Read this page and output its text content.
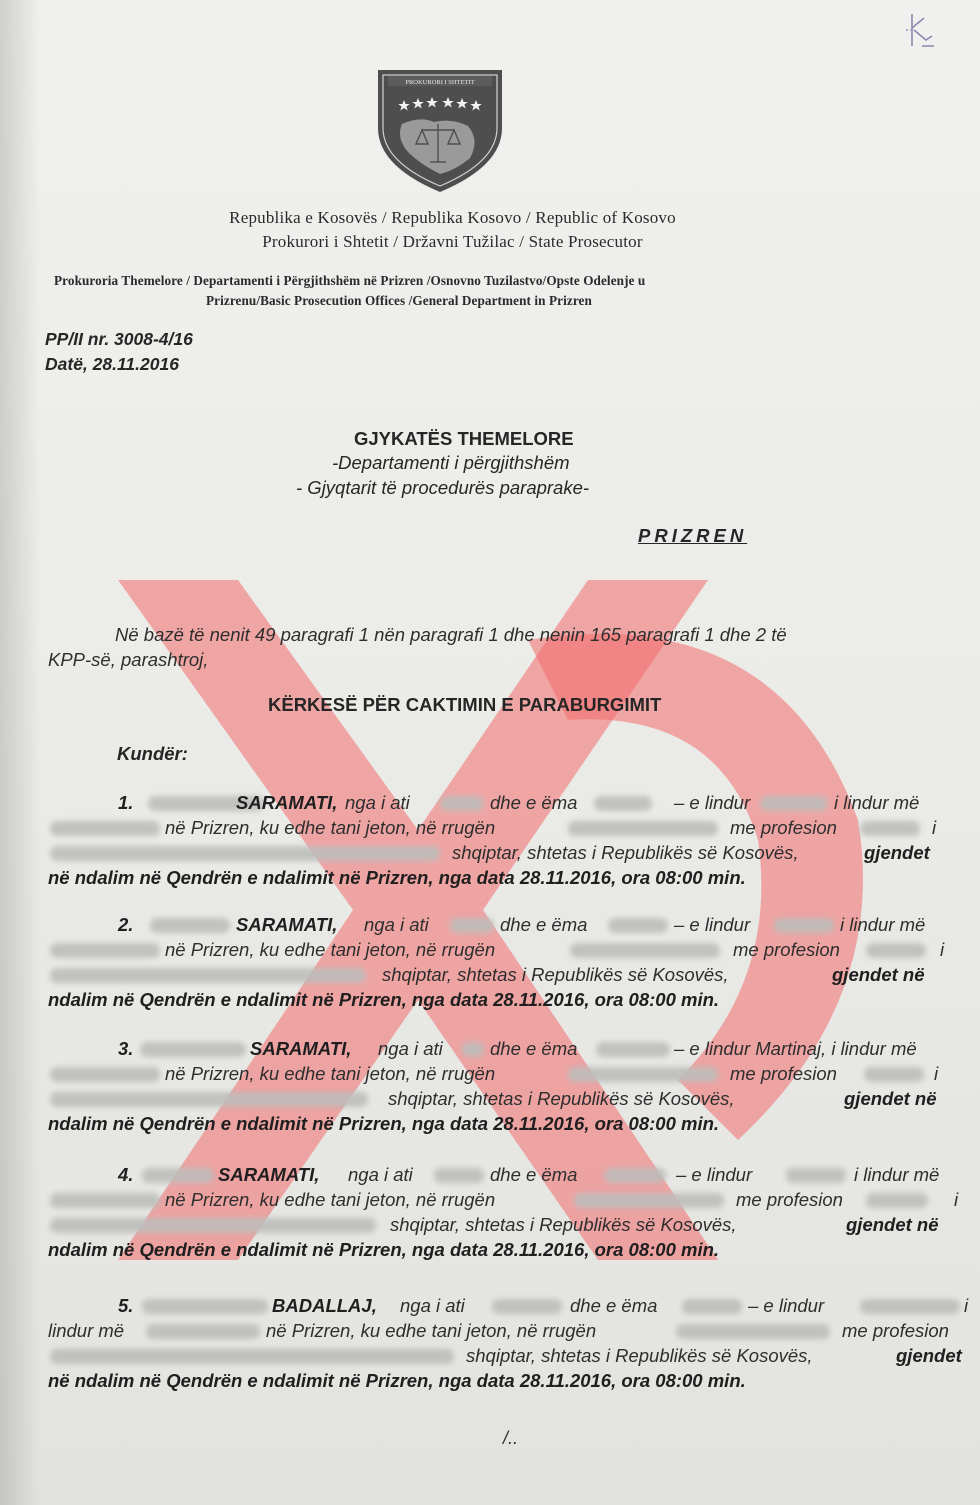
PROKURORI I SHTETIT
Republika e Kosovës / Republika Kosovo / Republic of Kosovo
Prokurori i Shtetit / Državni Tužilac / State Prosecutor
Prokuroria Themelore / Departamenti i Përgjithshëm në Prizren /Osnovno Tuzilastvo/Opste Odelenje u
Prizrenu/Basic Prosecution Offices /General Department in Prizren
PP/II nr. 3008-4/16
Datë, 28.11.2016
GJYKATËS THEMELORE
-Departamenti i përgjithshëm
- Gjyqtarit të procedurës paraprake-
PRIZREN
Në bazë të nenit 49 paragrafi 1 nën paragrafi 1 dhe nenin 165 paragrafi 1 dhe 2 të
KPP-së, parashtroj,
KËRKESË PËR CAKTIMIN E PARABURGIMIT
Kundër:
1.	SARAMATI, nga i ati	dhe e ëma	– e lindur	i lindur më
në Prizren, ku edhe tani jeton, në rrugën	me profesion	i
shqiptar, shtetas i Republikës së Kosovës,	gjendet
në ndalim në Qendrën e ndalimit në Prizren, nga data 28.11.2016, ora 08:00 min.
2.	SARAMATI, nga i ati	dhe e ëma	– e lindur	i lindur më
në Prizren, ku edhe tani jeton, në rrugën	me profesion	i
shqiptar, shtetas i Republikës së Kosovës,	gjendet në
ndalim në Qendrën e ndalimit në Prizren, nga data 28.11.2016, ora 08:00 min.
3.	SARAMATI, nga i ati	dhe e ëma	– e lindur Martinaj, i lindur më
në Prizren, ku edhe tani jeton, në rrugën	me profesion	i
shqiptar, shtetas i Republikës së Kosovës,	gjendet në
ndalim në Qendrën e ndalimit në Prizren, nga data 28.11.2016, ora 08:00 min.
4.	SARAMATI, nga i ati	dhe e ëma	– e lindur	i lindur më
në Prizren, ku edhe tani jeton, në rrugën	me profesion	i
shqiptar, shtetas i Republikës së Kosovës,	gjendet në
ndalim në Qendrën e ndalimit në Prizren, nga data 28.11.2016, ora 08:00 min.
5.	BADALLAJ, nga i ati	dhe e ëma	– e lindur	i
lindur më	në Prizren, ku edhe tani jeton, në rrugën	me profesion
shqiptar, shtetas i Republikës së Kosovës,	gjendet
në ndalim në Qendrën e ndalimit në Prizren, nga data 28.11.2016, ora 08:00 min.
/..
